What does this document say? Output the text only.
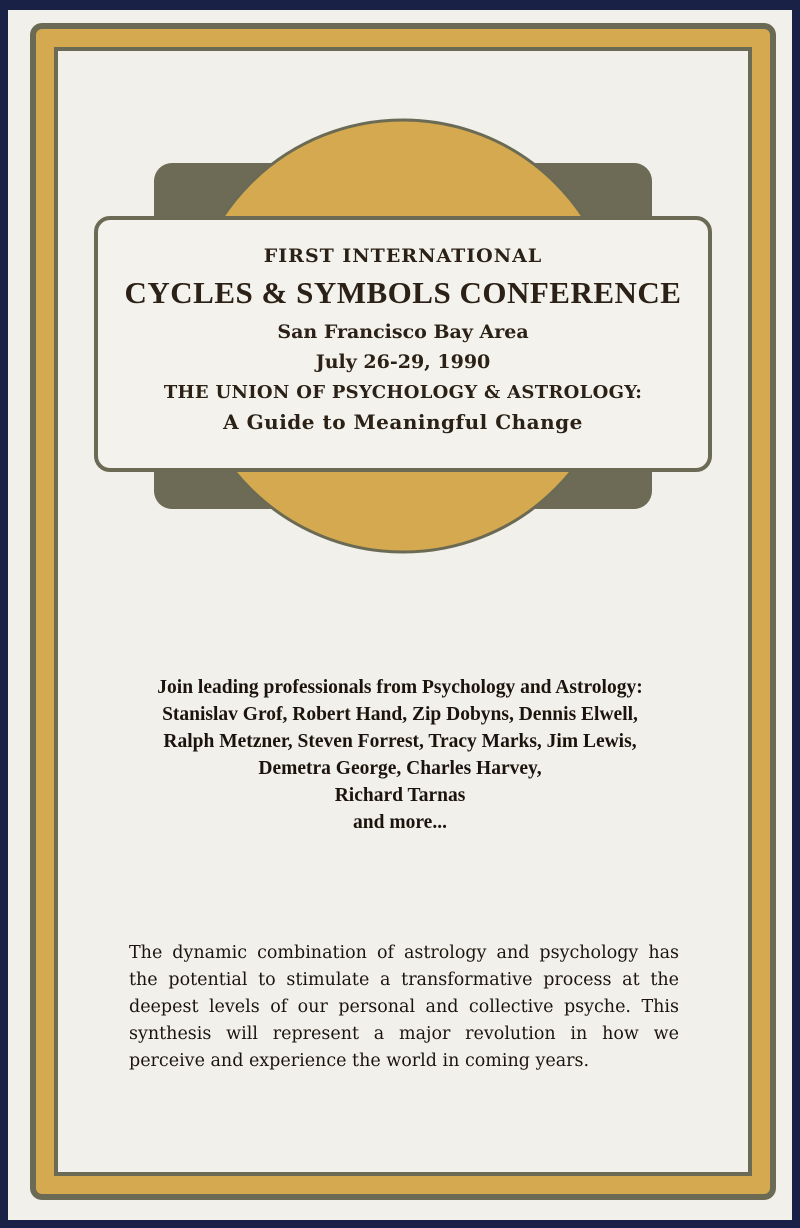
FIRST INTERNATIONAL
CYCLES & SYMBOLS CONFERENCE
San Francisco Bay Area
July 26-29, 1990
THE UNION OF PSYCHOLOGY & ASTROLOGY:
A Guide to Meaningful Change
Join leading professionals from Psychology and Astrology:
Stanislav Grof, Robert Hand, Zip Dobyns, Dennis Elwell,
Ralph Metzner, Steven Forrest, Tracy Marks, Jim Lewis,
Demetra George, Charles Harvey,
Richard Tarnas
and more...
The dynamic combination of astrology and psychology has the potential to stimulate a transformative process at the deepest levels of our personal and collective psyche. This synthesis will represent a major revolution in how we perceive and experience the world in coming years.
